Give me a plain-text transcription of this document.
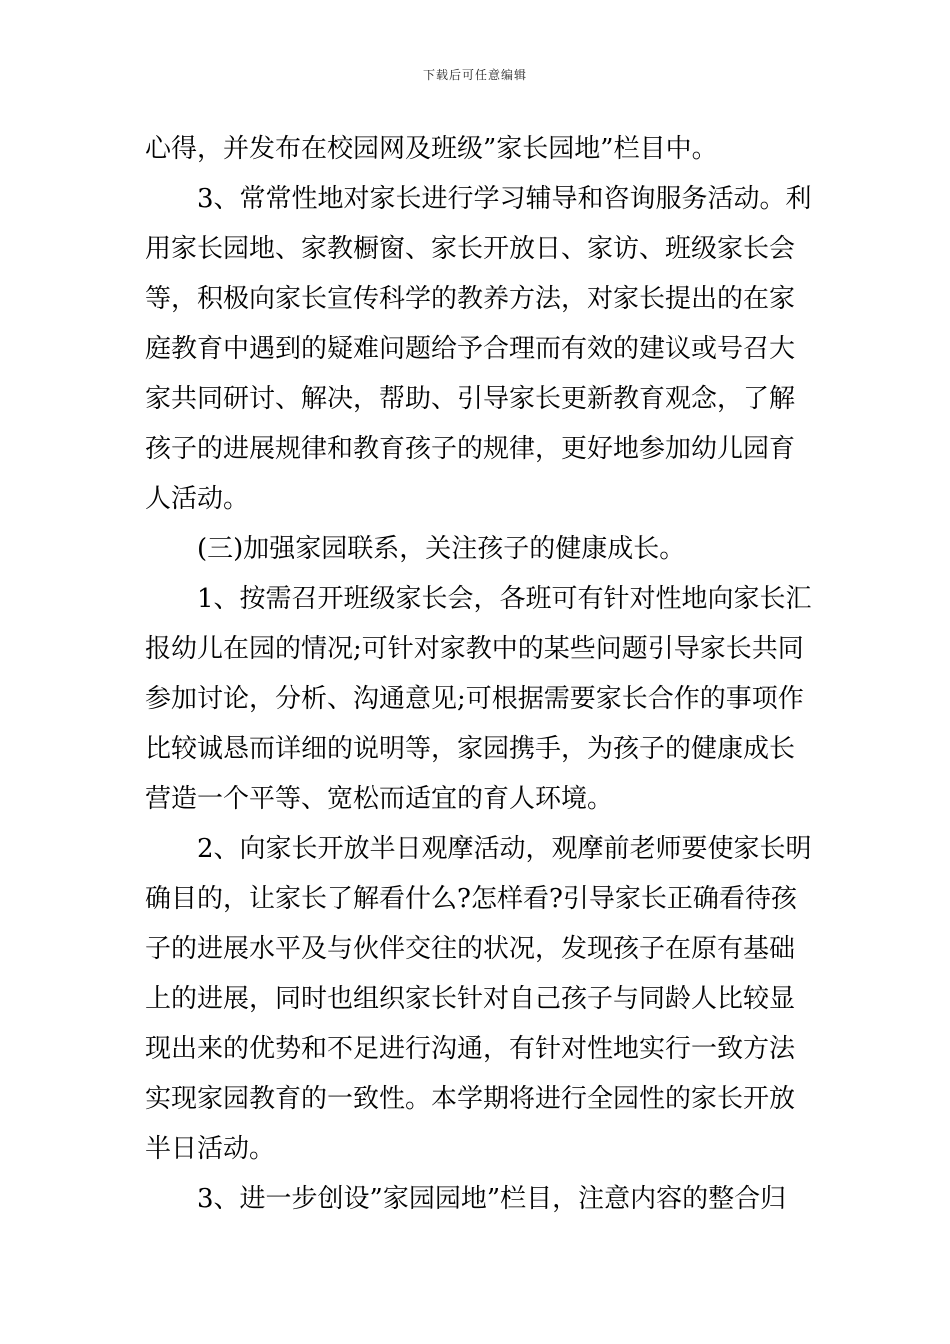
下载后可任意编辑
心得，并发布在校园网及班级”家长园地”栏目中。
3、常常性地对家长进行学习辅导和咨询服务活动。利
用家长园地、家教橱窗、家长开放日、家访、班级家长会
等，积极向家长宣传科学的教养方法，对家长提出的在家
庭教育中遇到的疑难问题给予合理而有效的建议或号召大
家共同研讨、解决，帮助、引导家长更新教育观念，了解
孩子的进展规律和教育孩子的规律，更好地参加幼儿园育
人活动。
(三)加强家园联系，关注孩子的健康成长。
1、按需召开班级家长会，各班可有针对性地向家长汇
报幼儿在园的情况;可针对家教中的某些问题引导家长共同
参加讨论，分析、沟通意见;可根据需要家长合作的事项作
比较诚恳而详细的说明等，家园携手，为孩子的健康成长
营造一个平等、宽松而适宜的育人环境。
2、向家长开放半日观摩活动，观摩前老师要使家长明
确目的，让家长了解看什么?怎样看?引导家长正确看待孩
子的进展水平及与伙伴交往的状况，发现孩子在原有基础
上的进展，同时也组织家长针对自己孩子与同龄人比较显
现出来的优势和不足进行沟通，有针对性地实行一致方法
实现家园教育的一致性。本学期将进行全园性的家长开放
半日活动。
3、进一步创设”家园园地”栏目，注意内容的整合归
